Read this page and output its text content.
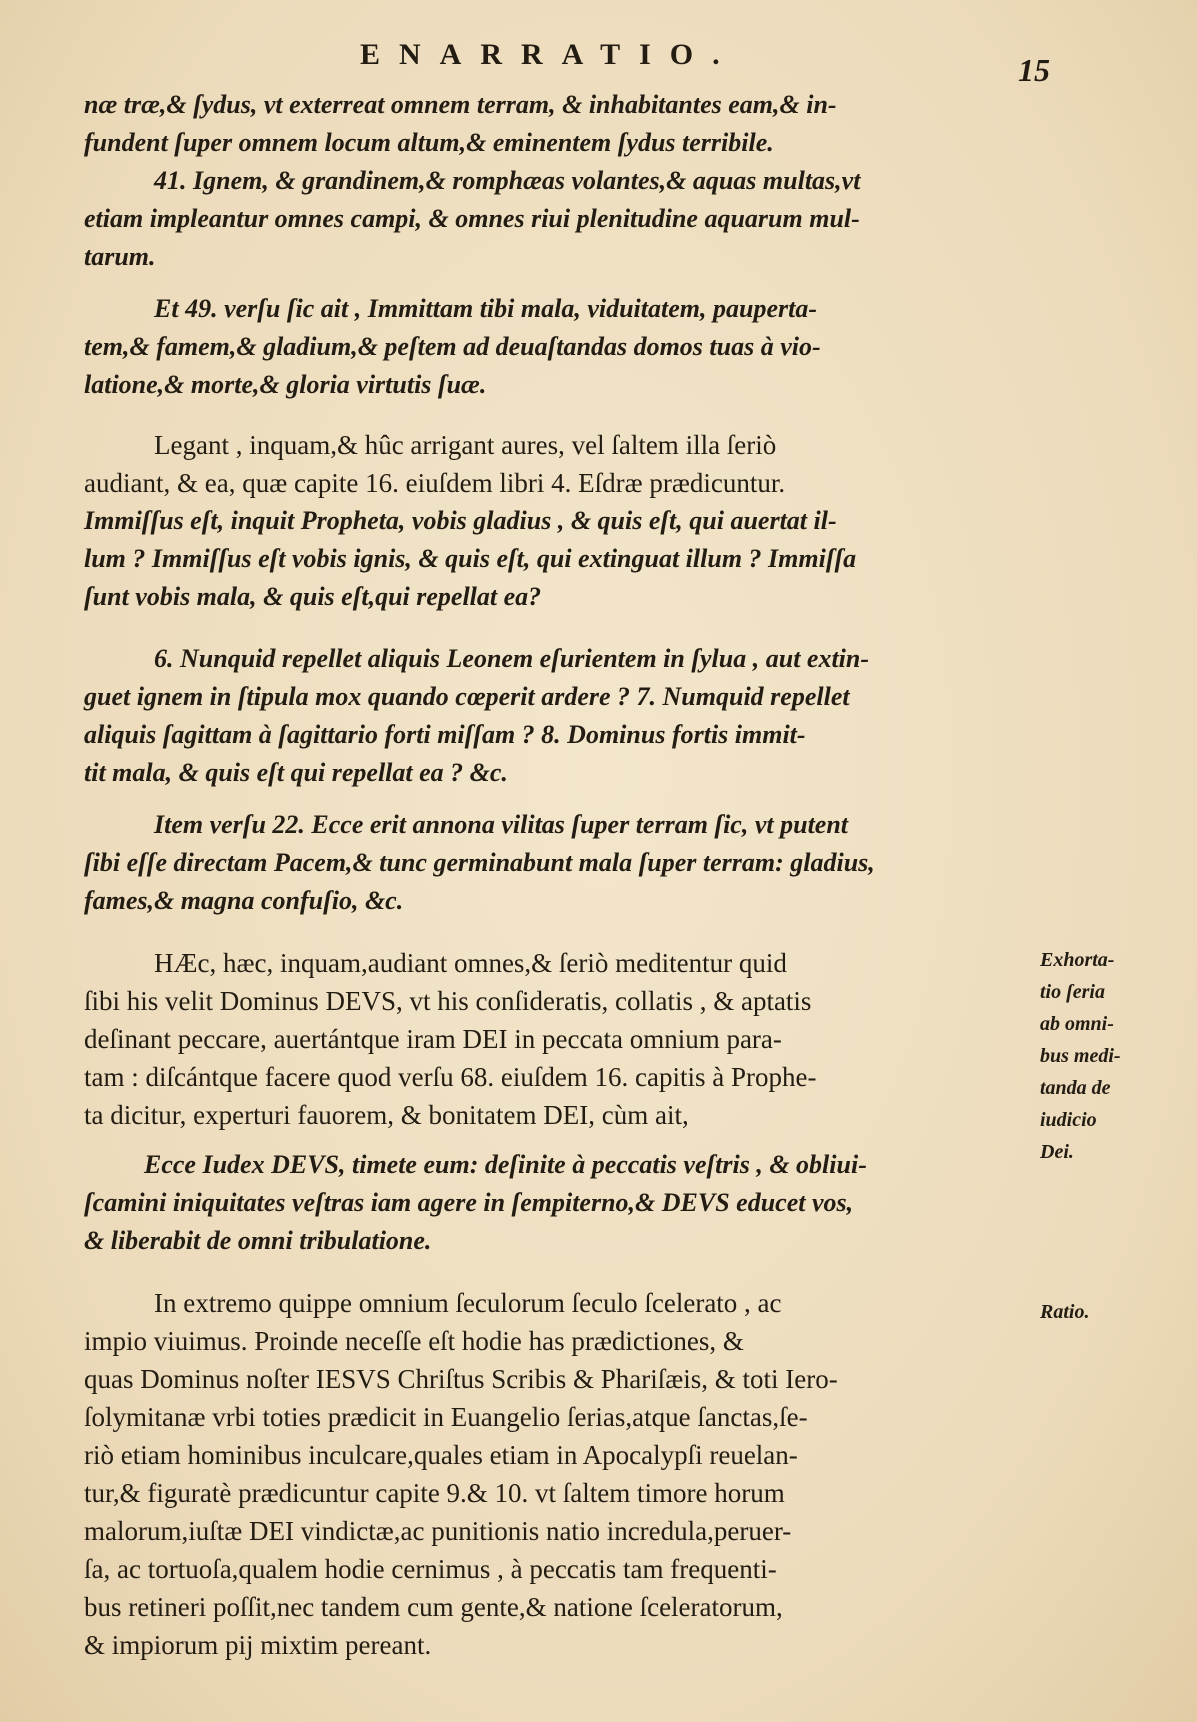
ENARRATIO.	15

næ træ,& ſydus, vt exterreat omnem terram, & inhabitantes eam,& in-

fundent ſuper omnem locum altum,& eminentem ſydus terribile.

41. Ignem, & grandinem,& romphæas volantes,& aquas multas,vt

etiam impleantur omnes campi, & omnes riui plenitudine aquarum mul-

tarum.

Et 49. verſu ſic ait , Immittam tibi mala, viduitatem, pauperta-

tem,& famem,& gladium,& peſtem ad deuaſtandas domos tuas à vio-

latione,& morte,& gloria virtutis ſuæ.

Legant , inquam,& hûc arrigant aures, vel ſaltem illa ſeriò

audiant, & ea, quæ capite 16. eiuſdem libri 4. Eſdræ prædicuntur.

Immiſſus eſt, inquit Propheta, vobis gladius , & quis eſt, qui auertat il-

lum ? Immiſſus eſt vobis ignis, & quis eſt, qui extinguat illum ? Immiſſa

ſunt vobis mala, & quis eſt,qui repellat ea?

6. Nunquid repellet aliquis Leonem eſurientem in ſylua , aut extin-

guet ignem in ſtipula mox quando cœperit ardere ? 7. Numquid repellet

aliquis ſagittam à ſagittario forti miſſam ? 8. Dominus fortis immit-

tit mala, & quis eſt qui repellat ea ? &c.

Item verſu 22. Ecce erit annona vilitas ſuper terram ſic, vt putent

ſibi eſſe directam Pacem,& tunc germinabunt mala ſuper terram: gladius,

fames,& magna confuſio, &c.

HÆc, hæc, inquam,audiant omnes,& ſeriò meditentur quid

ſibi his velit Dominus DEVS, vt his conſideratis, collatis , & aptatis

deſinant peccare, auertántque iram DEI in peccata omnium para-

tam : diſcántque facere quod verſu 68. eiuſdem 16. capitis à Prophe-

ta dicitur, experturi fauorem, & bonitatem DEI, cùm ait,

Ecce Iudex DEVS, timete eum: deſinite à peccatis veſtris , & obliui-

ſcamini iniquitates veſtras iam agere in ſempiterno,& DEVS educet vos,

& liberabit de omni tribulatione.

In extremo quippe omnium ſeculorum ſeculo ſcelerato , ac

impio viuimus. Proinde neceſſe eſt hodie has prædictiones, &

quas Dominus noſter IESVS Chriſtus Scribis & Phariſæis, & toti Iero-

ſolymitanæ vrbi toties prædicit in Euangelio ſerias,atque ſanctas,ſe-

riò etiam hominibus inculcare,quales etiam in Apocalypſi reuelan-

tur,& figuratè prædicuntur capite 9.& 10. vt ſaltem timore horum

malorum,iuſtæ DEI vindictæ,ac punitionis natio incredula,peruer-

ſa, ac tortuoſa,qualem hodie cernimus , à peccatis tam frequenti-

bus retineri poſſit,nec tandem cum gente,& natione ſceleratorum,

& impiorum pij mixtim pereant.

Exhorta-
tio ſeria
ab omni-
bus medi-
tanda de
iudicio
Dei.
Ratio.
